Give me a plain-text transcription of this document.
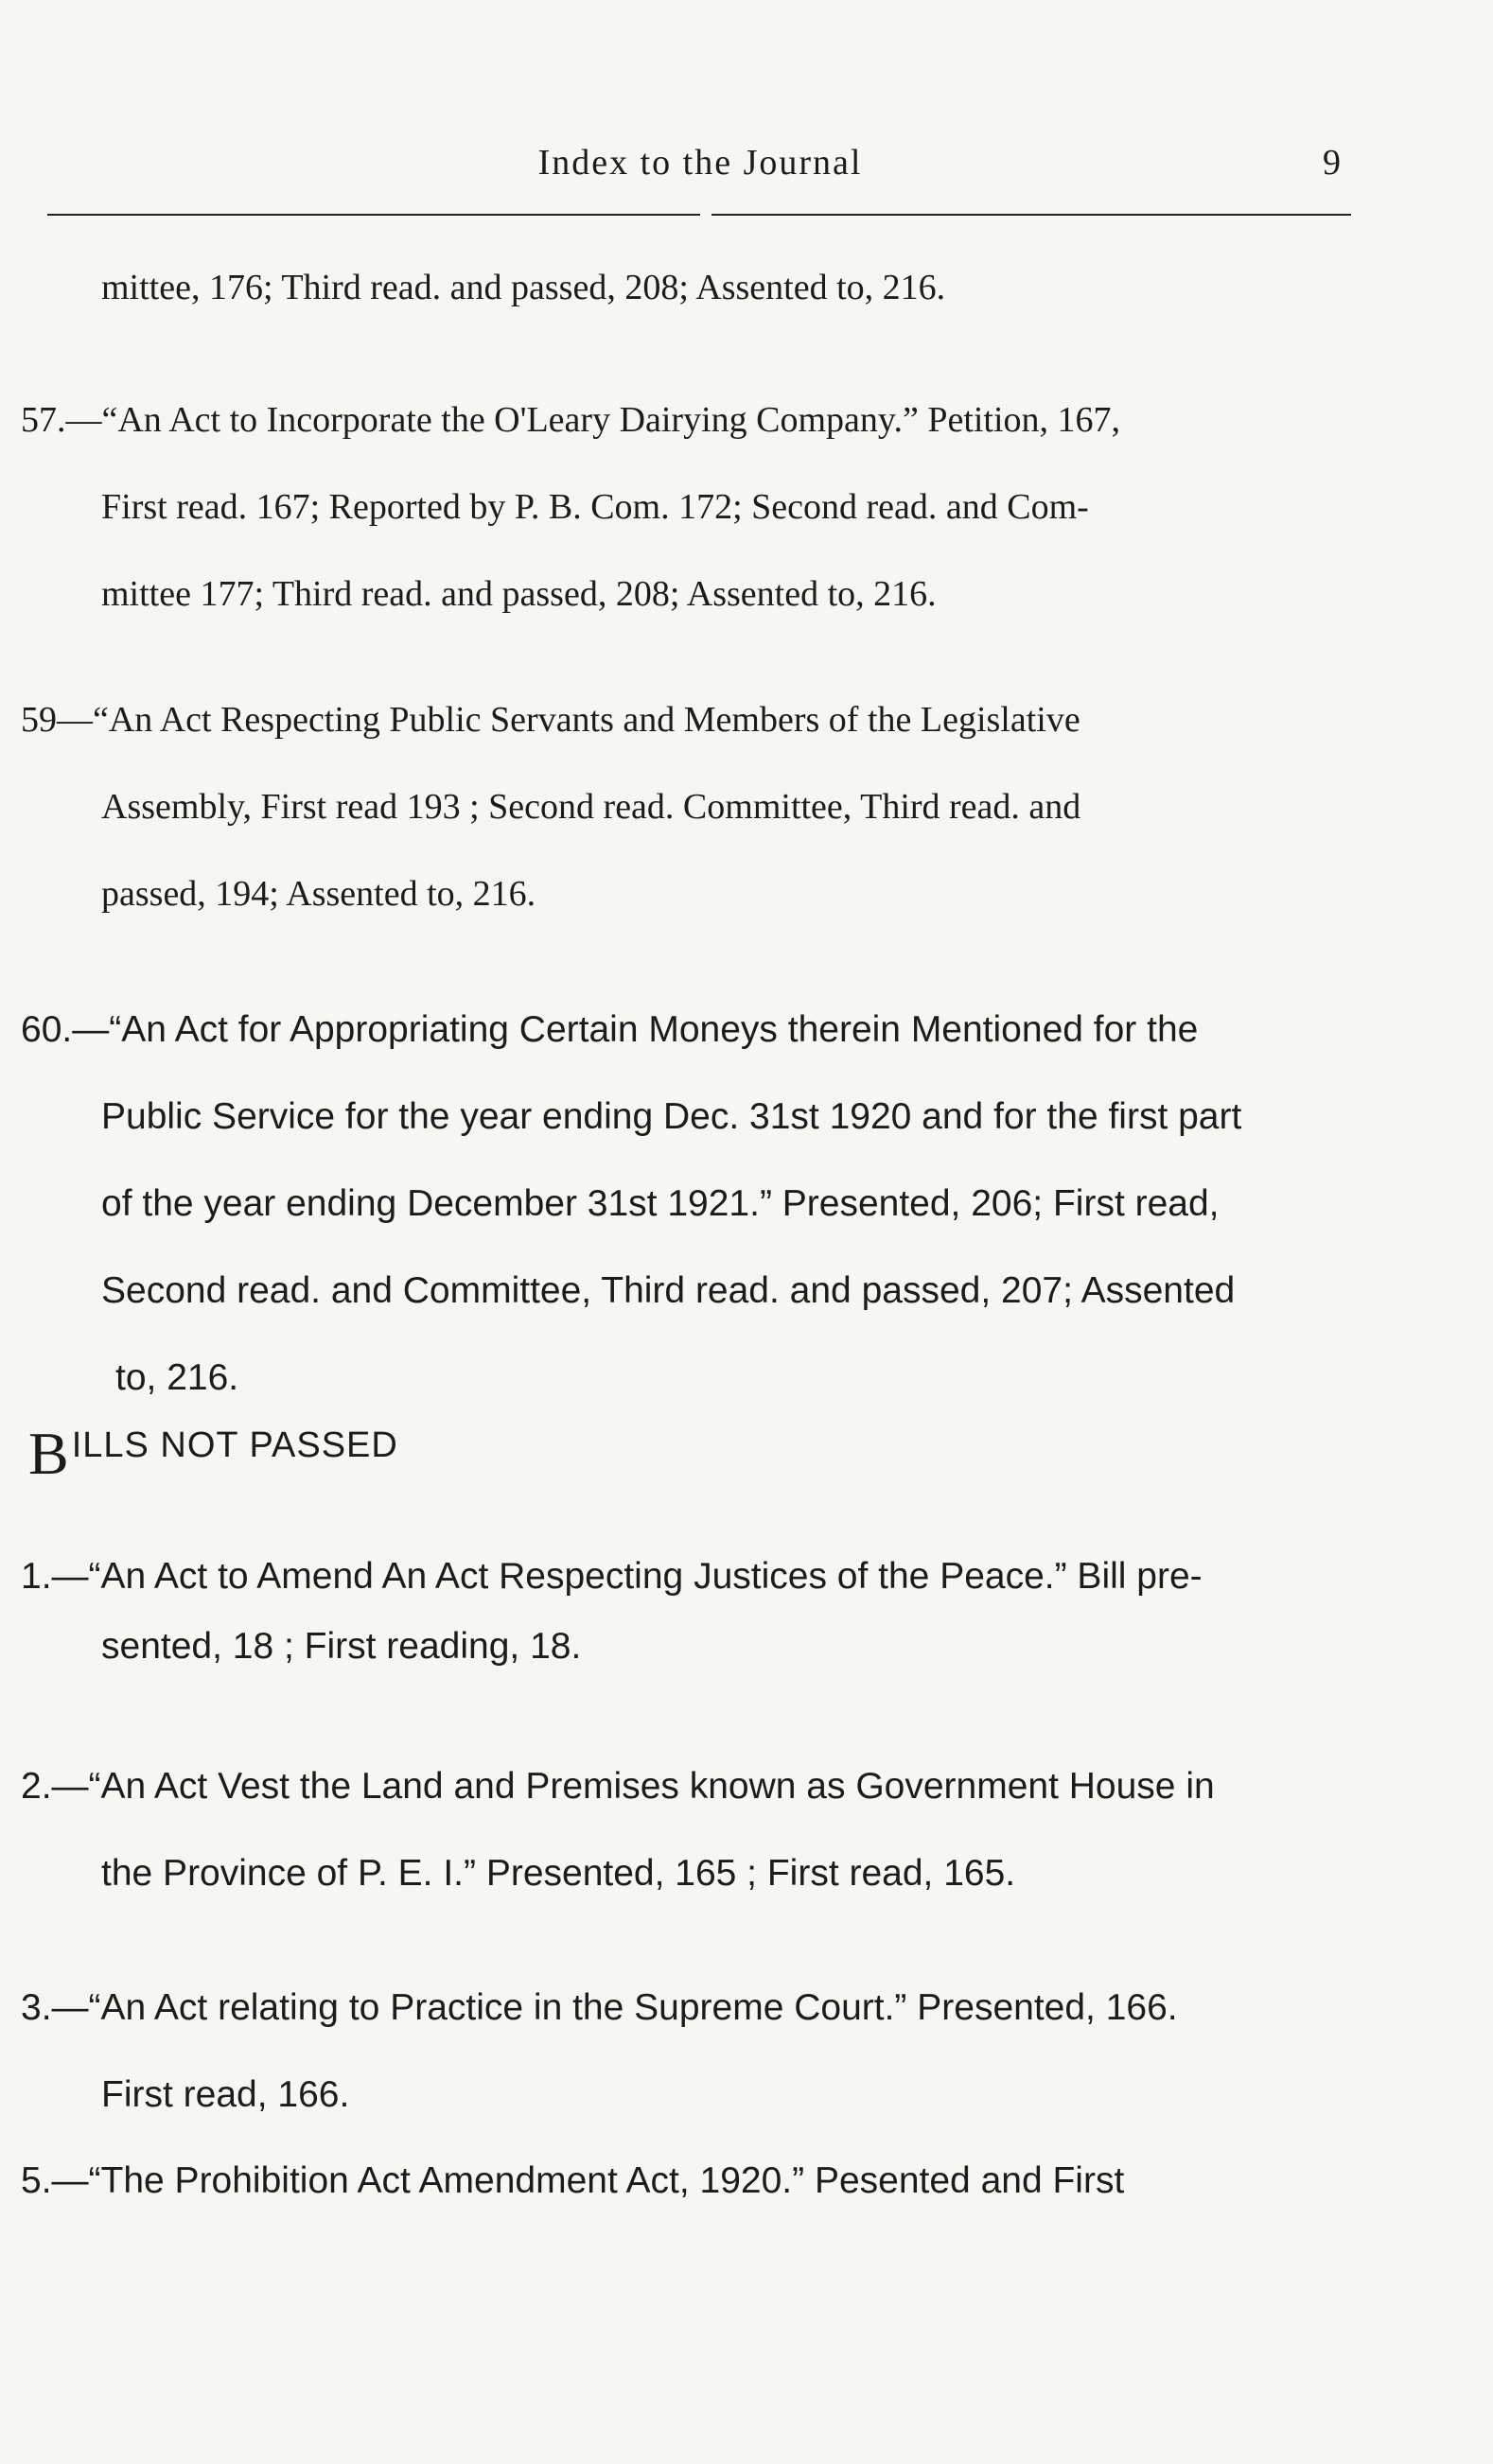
Index to the Journal	9
mittee, 176; Third read. and passed, 208; Assented to, 216.
57.—“An Act to Incorporate the O'Leary Dairying Company.” Petition, 167,
First read. 167; Reported by P. B. Com. 172; Second read. and Com-
mittee 177; Third read. and passed, 208; Assented to, 216.
59—“An Act Respecting Public Servants and Members of the Legislative
Assembly, First read 193 ; Second read. Committee, Third read. and
passed, 194; Assented to, 216.
60.—“An Act for Appropriating Certain Moneys therein Mentioned for the
Public Service for the year ending Dec. 31st 1920 and for the first part
of the year ending December 31st 1921.” Presented, 206; First read,
Second read. and Committee, Third read. and passed, 207; Assented
to, 216.
BILLS NOT PASSED
1.—“An Act to Amend An Act Respecting Justices of the Peace.” Bill pre-
sented, 18 ; First reading, 18.
2.—“An Act Vest the Land and Premises known as Government House in
the Province of P. E. I.” Presented, 165 ; First read, 165.
3.—“An Act relating to Practice in the Supreme Court.” Presented, 166.
First read, 166.
5.—“The Prohibition Act Amendment Act, 1920.” Pesented and First
